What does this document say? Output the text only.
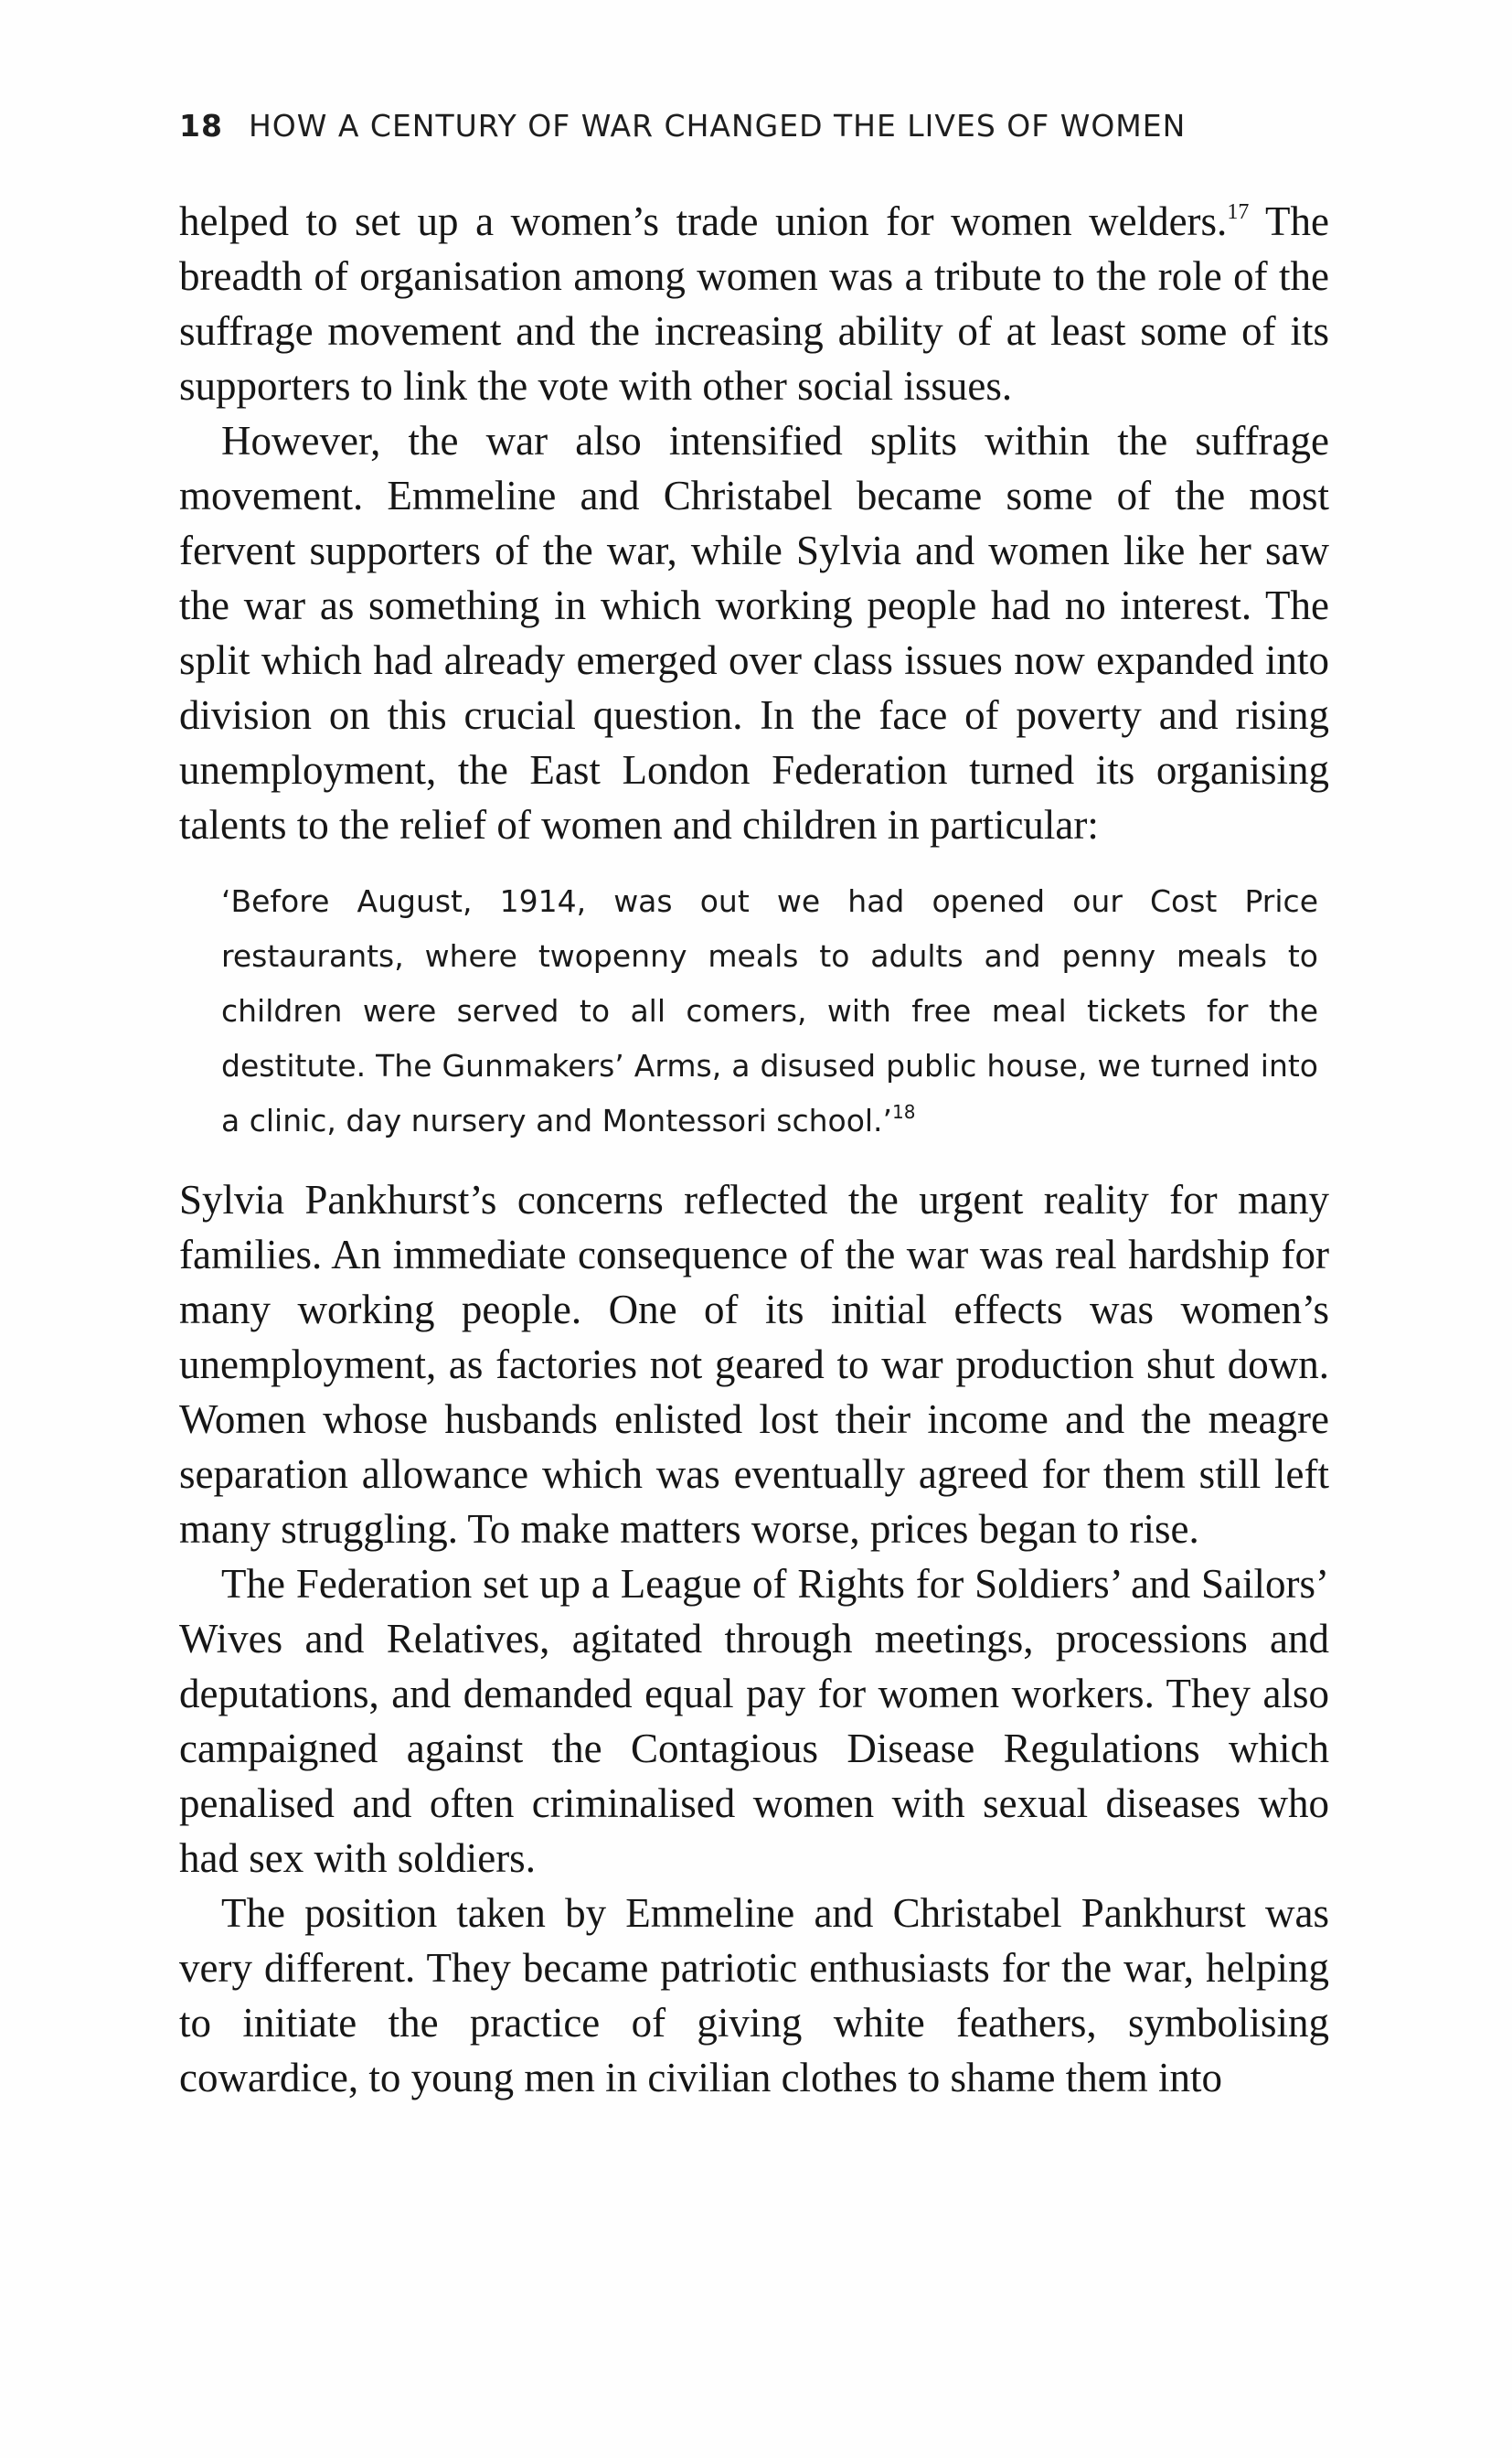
18 HOW A CENTURY OF WAR CHANGED THE LIVES OF WOMEN

helped to set up a women’s trade union for women welders.$^{17}$ The breadth of organisation among women was a tribute to the role of the suffrage movement and the increasing ability of at least some of its supporters to link the vote with other social issues.

However, the war also intensified splits within the suffrage movement. Emmeline and Christabel became some of the most fervent supporters of the war, while Sylvia and women like her saw the war as something in which working people had no interest. The split which had already emerged over class issues now expanded into division on this crucial question. In the face of poverty and rising unemployment, the East London Federation turned its organising talents to the relief of women and children in particular:

‘Before August, 1914, was out we had opened our Cost Price restaurants, where twopenny meals to adults and penny meals to children were served to all comers, with free meal tickets for the destitute. The Gunmakers’ Arms, a disused public house, we turned into a clinic, day nursery and Montessori school.’$^{18}$

Sylvia Pankhurst’s concerns reflected the urgent reality for many families. An immediate consequence of the war was real hardship for many working people. One of its initial effects was women’s unemployment, as factories not geared to war production shut down. Women whose husbands enlisted lost their income and the meagre separation allowance which was eventually agreed for them still left many struggling. To make matters worse, prices began to rise.

The Federation set up a League of Rights for Soldiers’ and Sailors’ Wives and Relatives, agitated through meetings, processions and deputations, and demanded equal pay for women workers. They also campaigned against the Contagious Disease Regulations which penalised and often criminalised women with sexual diseases who had sex with soldiers.

The position taken by Emmeline and Christabel Pankhurst was very different. They became patriotic enthusiasts for the war, helping to initiate the practice of giving white feathers, symbolising cowardice, to young men in civilian clothes to shame them into
